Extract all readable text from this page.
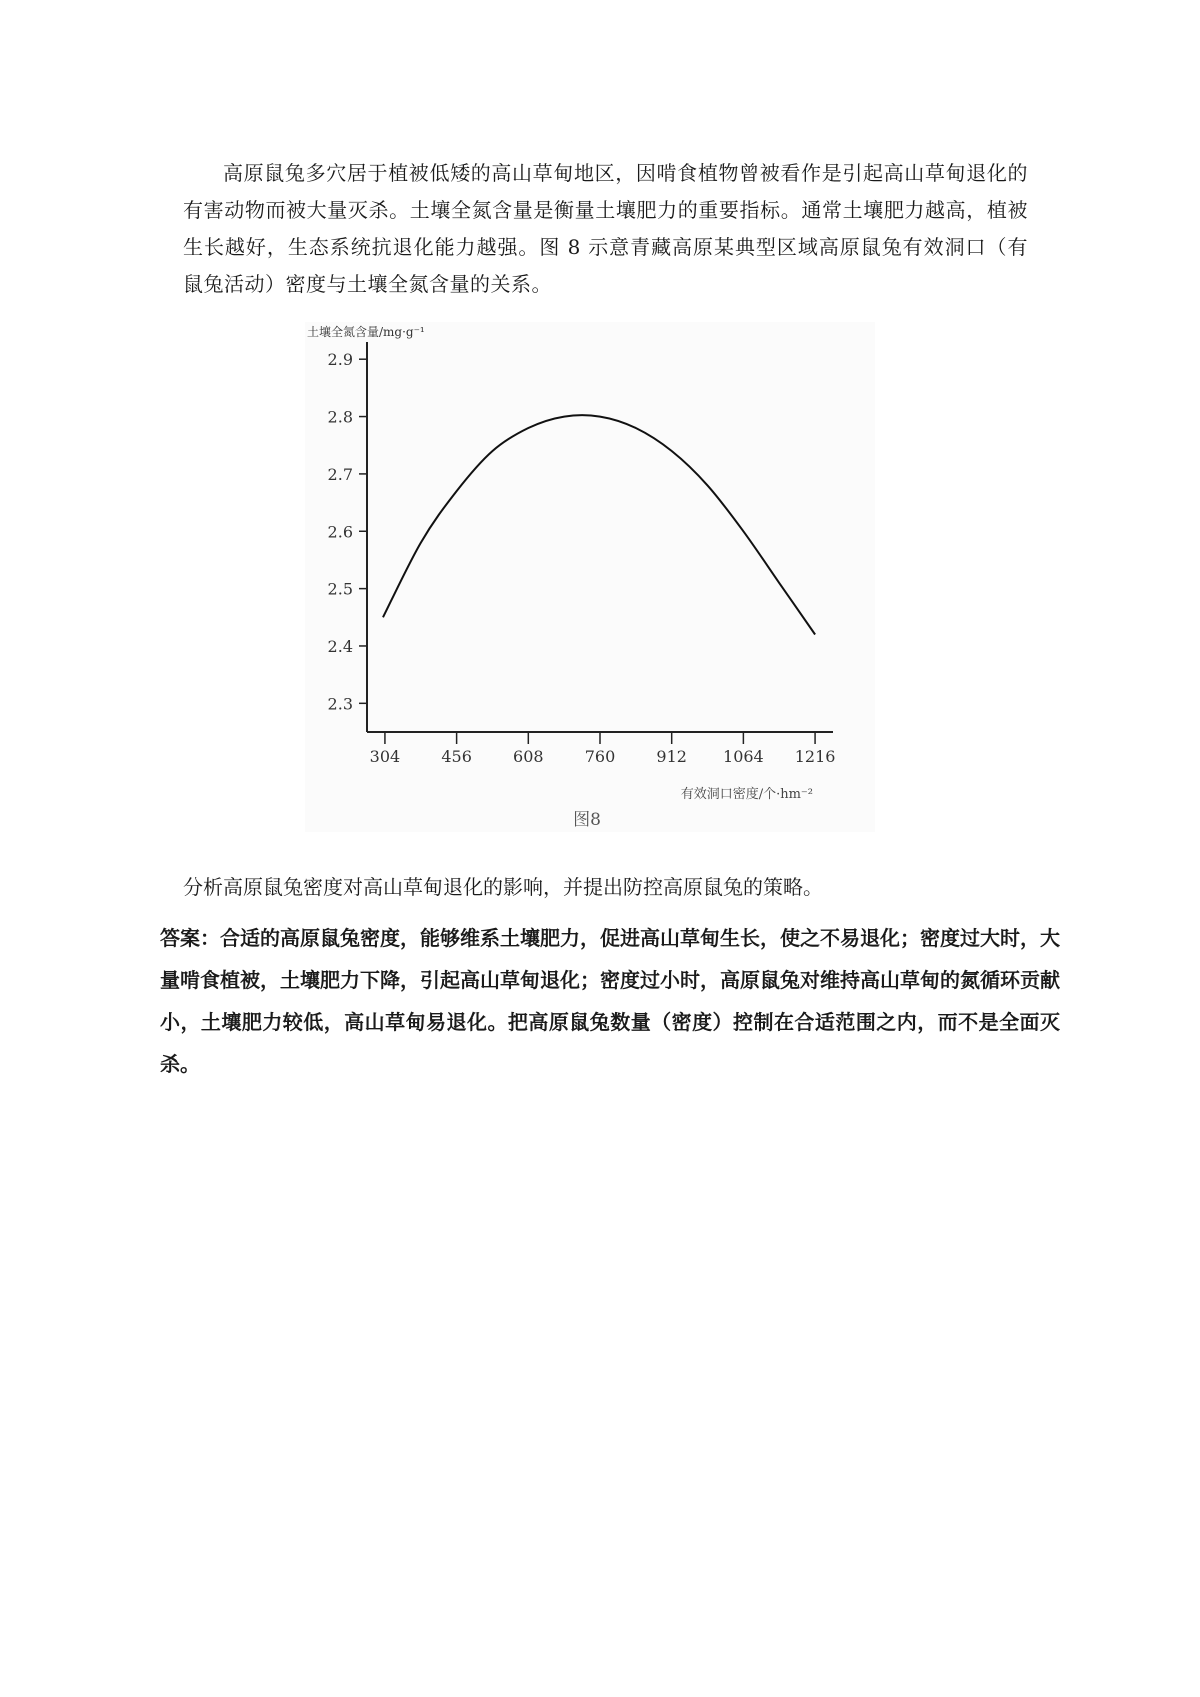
高原鼠兔多穴居于植被低矮的高山草甸地区，因啃食植物曾被看作是引起高山草甸退化的有害动物而被大量灭杀。土壤全氮含量是衡量土壤肥力的重要指标。通常土壤肥力越高，植被 生长越好，生态系统抗退化能力越强。图 8 示意青藏高原某典型区域高原鼠兔有效洞口（有鼠兔活动）密度与土壤全氮含量的关系。

土壤全氮含量/mg·g⁻¹
2.9
2.8
2.7
2.6
2.5
2.4
2.3
304	456	608	760	912 1064 1216
有效洞口密度/个·hm⁻²
图8

分析高原鼠兔密度对高山草甸退化的影响，并提出防控高原鼠兔的策略。

答案：合适的高原鼠兔密度，能够维系土壤肥力，促进高山草甸生长，使之不易退化；密度过大时，大量啃食植被，土壤肥力下降，引起高山草甸退化；密度过小时，高原鼠兔对维持高山草甸的氮循环贡献小，土壤肥力较低，高山草甸易退化。把高原鼠兔数量（密度）控制在合适范围之内，而不是全面灭杀。
